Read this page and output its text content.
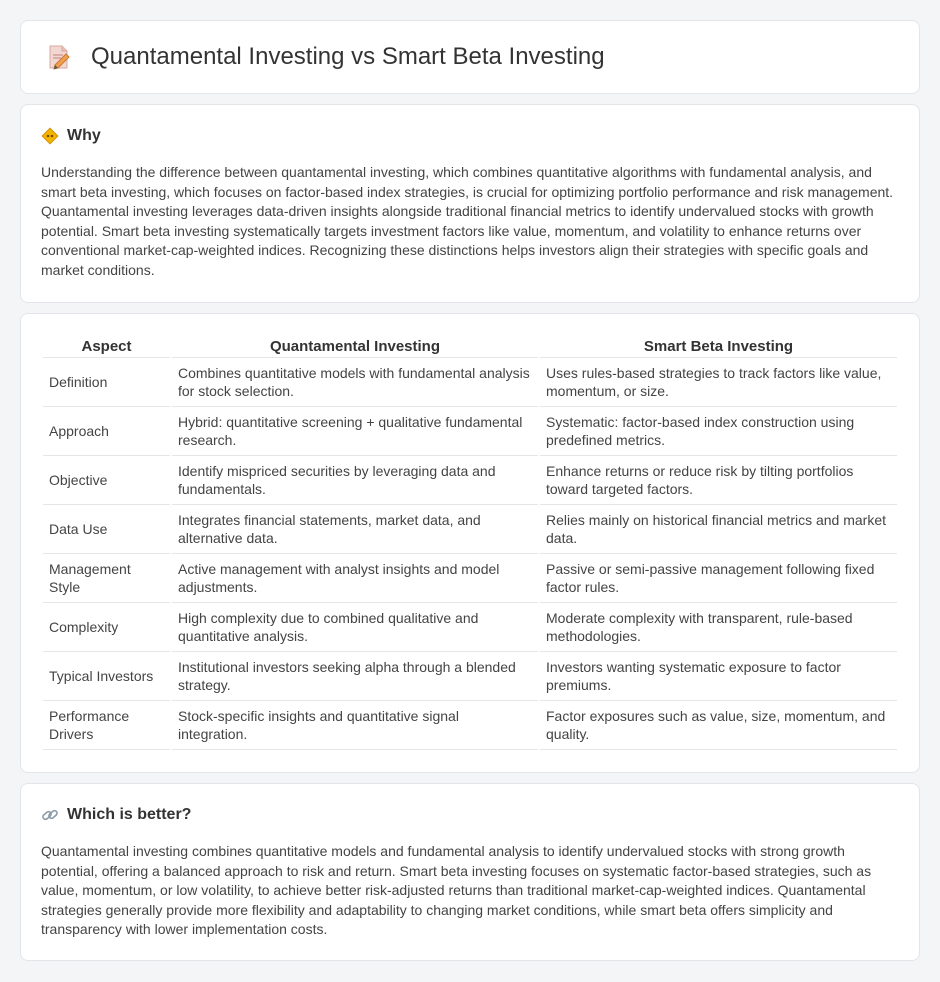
Quantamental Investing vs Smart Beta Investing
Why

Understanding the difference between quantamental investing, which combines quantitative algorithms with fundamental analysis, and smart beta investing, which focuses on factor-based index strategies, is crucial for optimizing portfolio performance and risk management. Quantamental investing leverages data-driven insights alongside traditional financial metrics to identify undervalued stocks with growth potential. Smart beta investing systematically targets investment factors like value, momentum, and volatility to enhance returns over conventional market-cap-weighted indices. Recognizing these distinctions helps investors align their strategies with specific goals and market conditions.

Aspect	Quantamental Investing	Smart Beta Investing
Definition	Combines quantitative models with fundamental analysis for stock selection.	Uses rules-based strategies to track factors like value, momentum, or size.
Approach	Hybrid: quantitative screening + qualitative fundamental research.	Systematic: factor-based index construction using predefined metrics.
Objective	Identify mispriced securities by leveraging data and fundamentals.	Enhance returns or reduce risk by tilting portfolios toward targeted factors.
Data Use	Integrates financial statements, market data, and alternative data.	Relies mainly on historical financial metrics and market data.
Management Style	Active management with analyst insights and model adjustments.	Passive or semi-passive management following fixed factor rules.
Complexity	High complexity due to combined qualitative and quantitative analysis.	Moderate complexity with transparent, rule-based methodologies.
Typical Investors	Institutional investors seeking alpha through a blended strategy.	Investors wanting systematic exposure to factor premiums.
Performance Drivers	Stock-specific insights and quantitative signal integration.	Factor exposures such as value, size, momentum, and quality.
Which is better?

Quantamental investing combines quantitative models and fundamental analysis to identify undervalued stocks with strong growth potential, offering a balanced approach to risk and return. Smart beta investing focuses on systematic factor-based strategies, such as value, momentum, or low volatility, to achieve better risk-adjusted returns than traditional market-cap-weighted indices. Quantamental strategies generally provide more flexibility and adaptability to changing market conditions, while smart beta offers simplicity and transparency with lower implementation costs.
